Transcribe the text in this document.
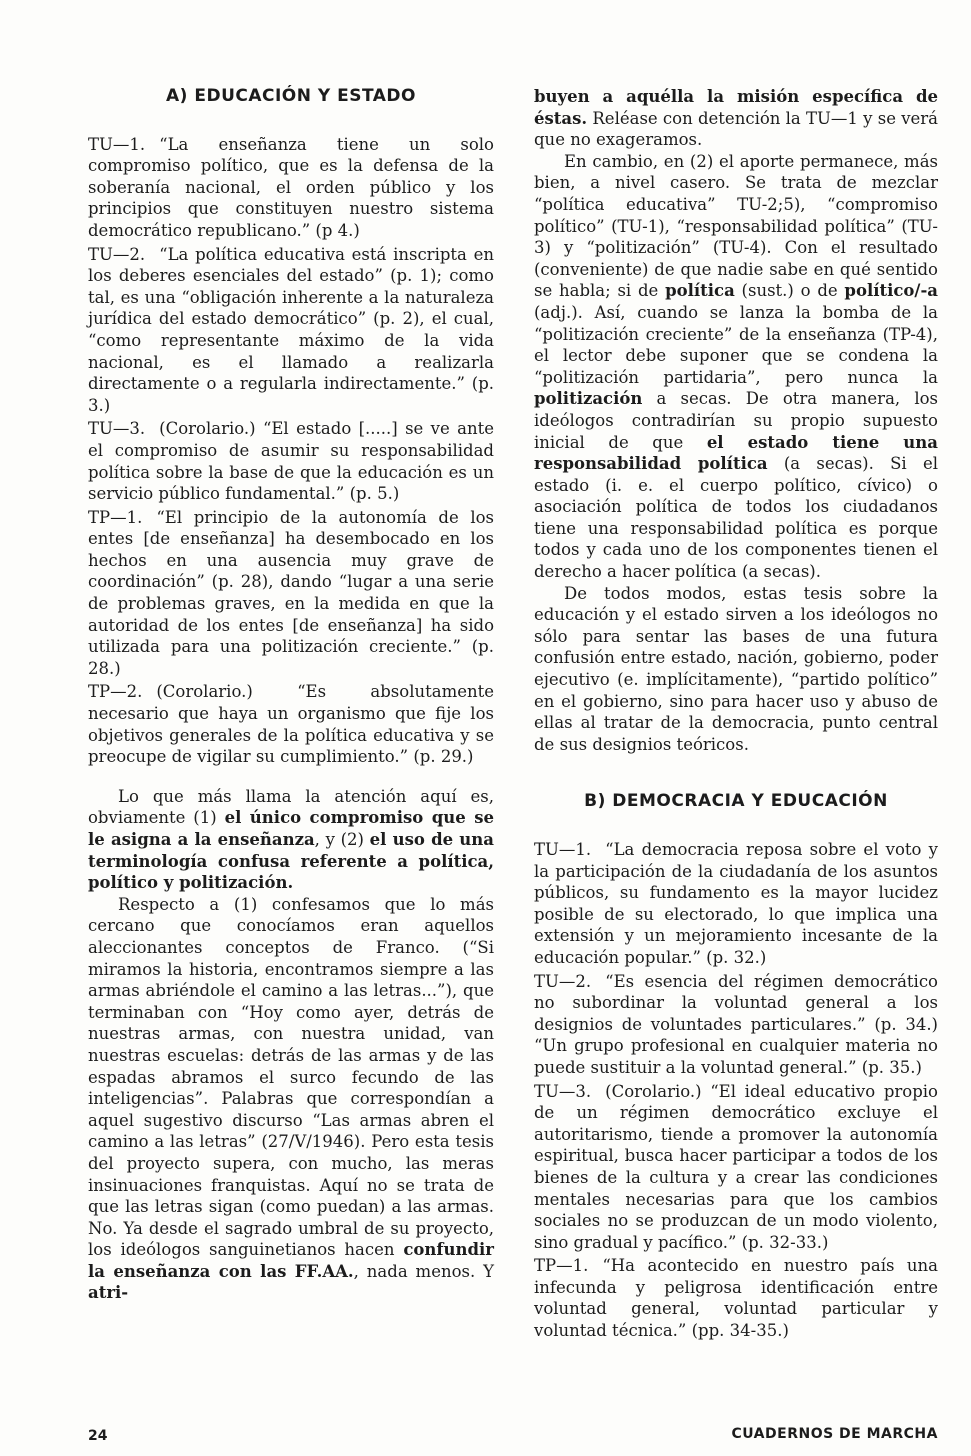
A) EDUCACIÓN Y ESTADO

TU—1. “La enseñanza tiene un solo compromiso político, que es la defensa de la soberanía nacional, el orden público y los principios que constituyen nuestro sistema democrático republicano.” (p 4.)

TU—2. “La política educativa está inscripta en los deberes esenciales del estado” (p. 1); como tal, es una “obligación inherente a la naturaleza jurídica del estado democrático” (p. 2), el cual, “como representante máximo de la vida nacional, es el llamado a realizarla directamente o a regularla indirectamente.” (p. 3.)

TU—3. (Corolario.) “El estado [.....] se ve ante el compromiso de asumir su responsabilidad política sobre la base de que la educación es un servicio público fundamental.” (p. 5.)

TP—1. “El principio de la autonomía de los entes [de enseñanza] ha desembocado en los hechos en una ausencia muy grave de coordinación” (p. 28), dando “lugar a una serie de problemas graves, en la medida en que la autoridad de los entes [de enseñanza] ha sido utilizada para una politización creciente.” (p. 28.)

TP—2. (Corolario.) “Es absolutamente necesario que haya un organismo que fije los objetivos generales de la política educativa y se preocupe de vigilar su cumplimiento.” (p. 29.)

Lo que más llama la atención aquí es, obviamente (1) el único compromiso que se le asigna a la enseñanza, y (2) el uso de una terminología confusa referente a política, político y politización.

Respecto a (1) confesamos que lo más cercano que conocíamos eran aquellos aleccionantes conceptos de Franco. (“Si miramos la historia, encontramos siempre a las armas abriéndole el camino a las letras...”), que terminaban con “Hoy como ayer, detrás de nuestras armas, con nuestra unidad, van nuestras escuelas: detrás de las armas y de las espadas abramos el surco fecundo de las inteligencias”. Palabras que correspondían a aquel sugestivo discurso “Las armas abren el camino a las letras” (27/V/1946). Pero esta tesis del proyecto supera, con mucho, las meras insinuaciones franquistas. Aquí no se trata de que las letras sigan (como puedan) a las armas. No. Ya desde el sagrado umbral de su proyecto, los ideólogos sanguinetianos hacen confundir la enseñanza con las FF.AA., nada menos. Y atri-

buyen a aquélla la misión específica de éstas. Reléase con detención la TU—1 y se verá que no exageramos.

En cambio, en (2) el aporte permanece, más bien, a nivel casero. Se trata de mezclar “política educativa” TU-2;5), “compromiso político” (TU-1), “responsabilidad política” (TU-3) y “politización” (TU-4). Con el resultado (conveniente) de que nadie sabe en qué sentido se habla; si de política (sust.) o de político/-a (adj.). Así, cuando se lanza la bomba de la “politización creciente” de la enseñanza (TP-4), el lector debe suponer que se condena la “politización partidaria”, pero nunca la politización a secas. De otra manera, los ideólogos contradirían su propio supuesto inicial de que el estado tiene una responsabilidad política (a secas). Si el estado (i. e. el cuerpo político, cívico) o asociación política de todos los ciudadanos tiene una responsabilidad política es porque todos y cada uno de los componentes tienen el derecho a hacer política (a secas).

De todos modos, estas tesis sobre la educación y el estado sirven a los ideólogos no sólo para sentar las bases de una futura confusión entre estado, nación, gobierno, poder ejecutivo (e. implícitamente), “partido político” en el gobierno, sino para hacer uso y abuso de ellas al tratar de la democracia, punto central de sus designios teóricos.

B) DEMOCRACIA Y EDUCACIÓN

TU—1. “La democracia reposa sobre el voto y la participación de la ciudadanía de los asuntos públicos, su fundamento es la mayor lucidez posible de su electorado, lo que implica una extensión y un mejoramiento incesante de la educación popular.” (p. 32.)

TU—2. “Es esencia del régimen democrático no subordinar la voluntad general a los designios de voluntades particulares.” (p. 34.) “Un grupo profesional en cualquier materia no puede sustituir a la voluntad general.” (p. 35.)

TU—3. (Corolario.) “El ideal educativo propio de un régimen democrático excluye el autoritarismo, tiende a promover la autonomía espiritual, busca hacer participar a todos de los bienes de la cultura y a crear las condiciones mentales necesarias para que los cambios sociales no se produzcan de un modo violento, sino gradual y pacífico.” (p. 32-33.)

TP—1. “Ha acontecido en nuestro país una infecunda y peligrosa identificación entre voluntad general, voluntad particular y voluntad técnica.” (pp. 34-35.)

24	CUADERNOS DE MARCHA
